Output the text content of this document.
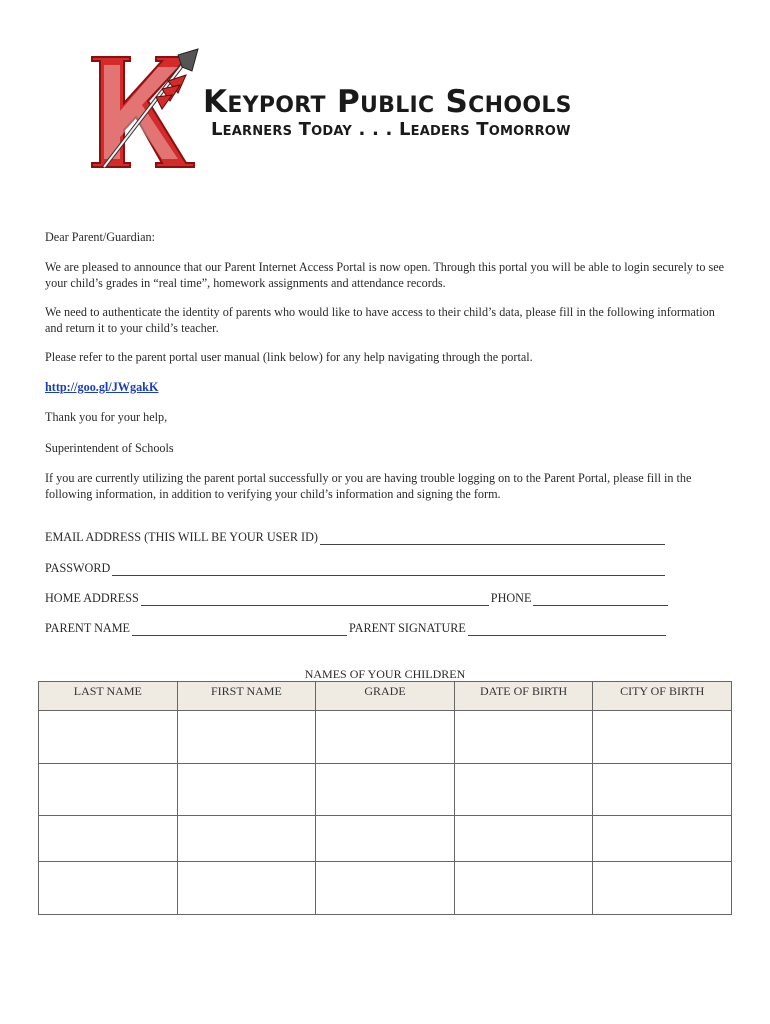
Keyport Public Schools
Learners Today . . . Leaders Tomorrow
Dear Parent/Guardian:
We are pleased to announce that our Parent Internet Access Portal is now open. Through this portal you will be able to login securely to see your child’s grades in “real time”, homework assignments and attendance records.
We need to authenticate the identity of parents who would like to have access to their child’s data, please fill in the following information and return it to your child’s teacher.
Please refer to the parent portal user manual (link below) for any help navigating through the portal.
http://goo.gl/JWgakK
Thank you for your help,
Superintendent of Schools
If you are currently utilizing the parent portal successfully or you are having trouble logging on to the Parent Portal, please fill in the following information, in addition to verifying your child’s information and signing the form.
EMAIL ADDRESS (THIS WILL BE YOUR USER ID)
PASSWORD
HOME ADDRESS	PHONE
PARENT NAME	PARENT SIGNATURE
NAMES OF YOUR CHILDREN
LAST NAME	FIRST NAME	GRADE	DATE OF BIRTH	CITY OF BIRTH
